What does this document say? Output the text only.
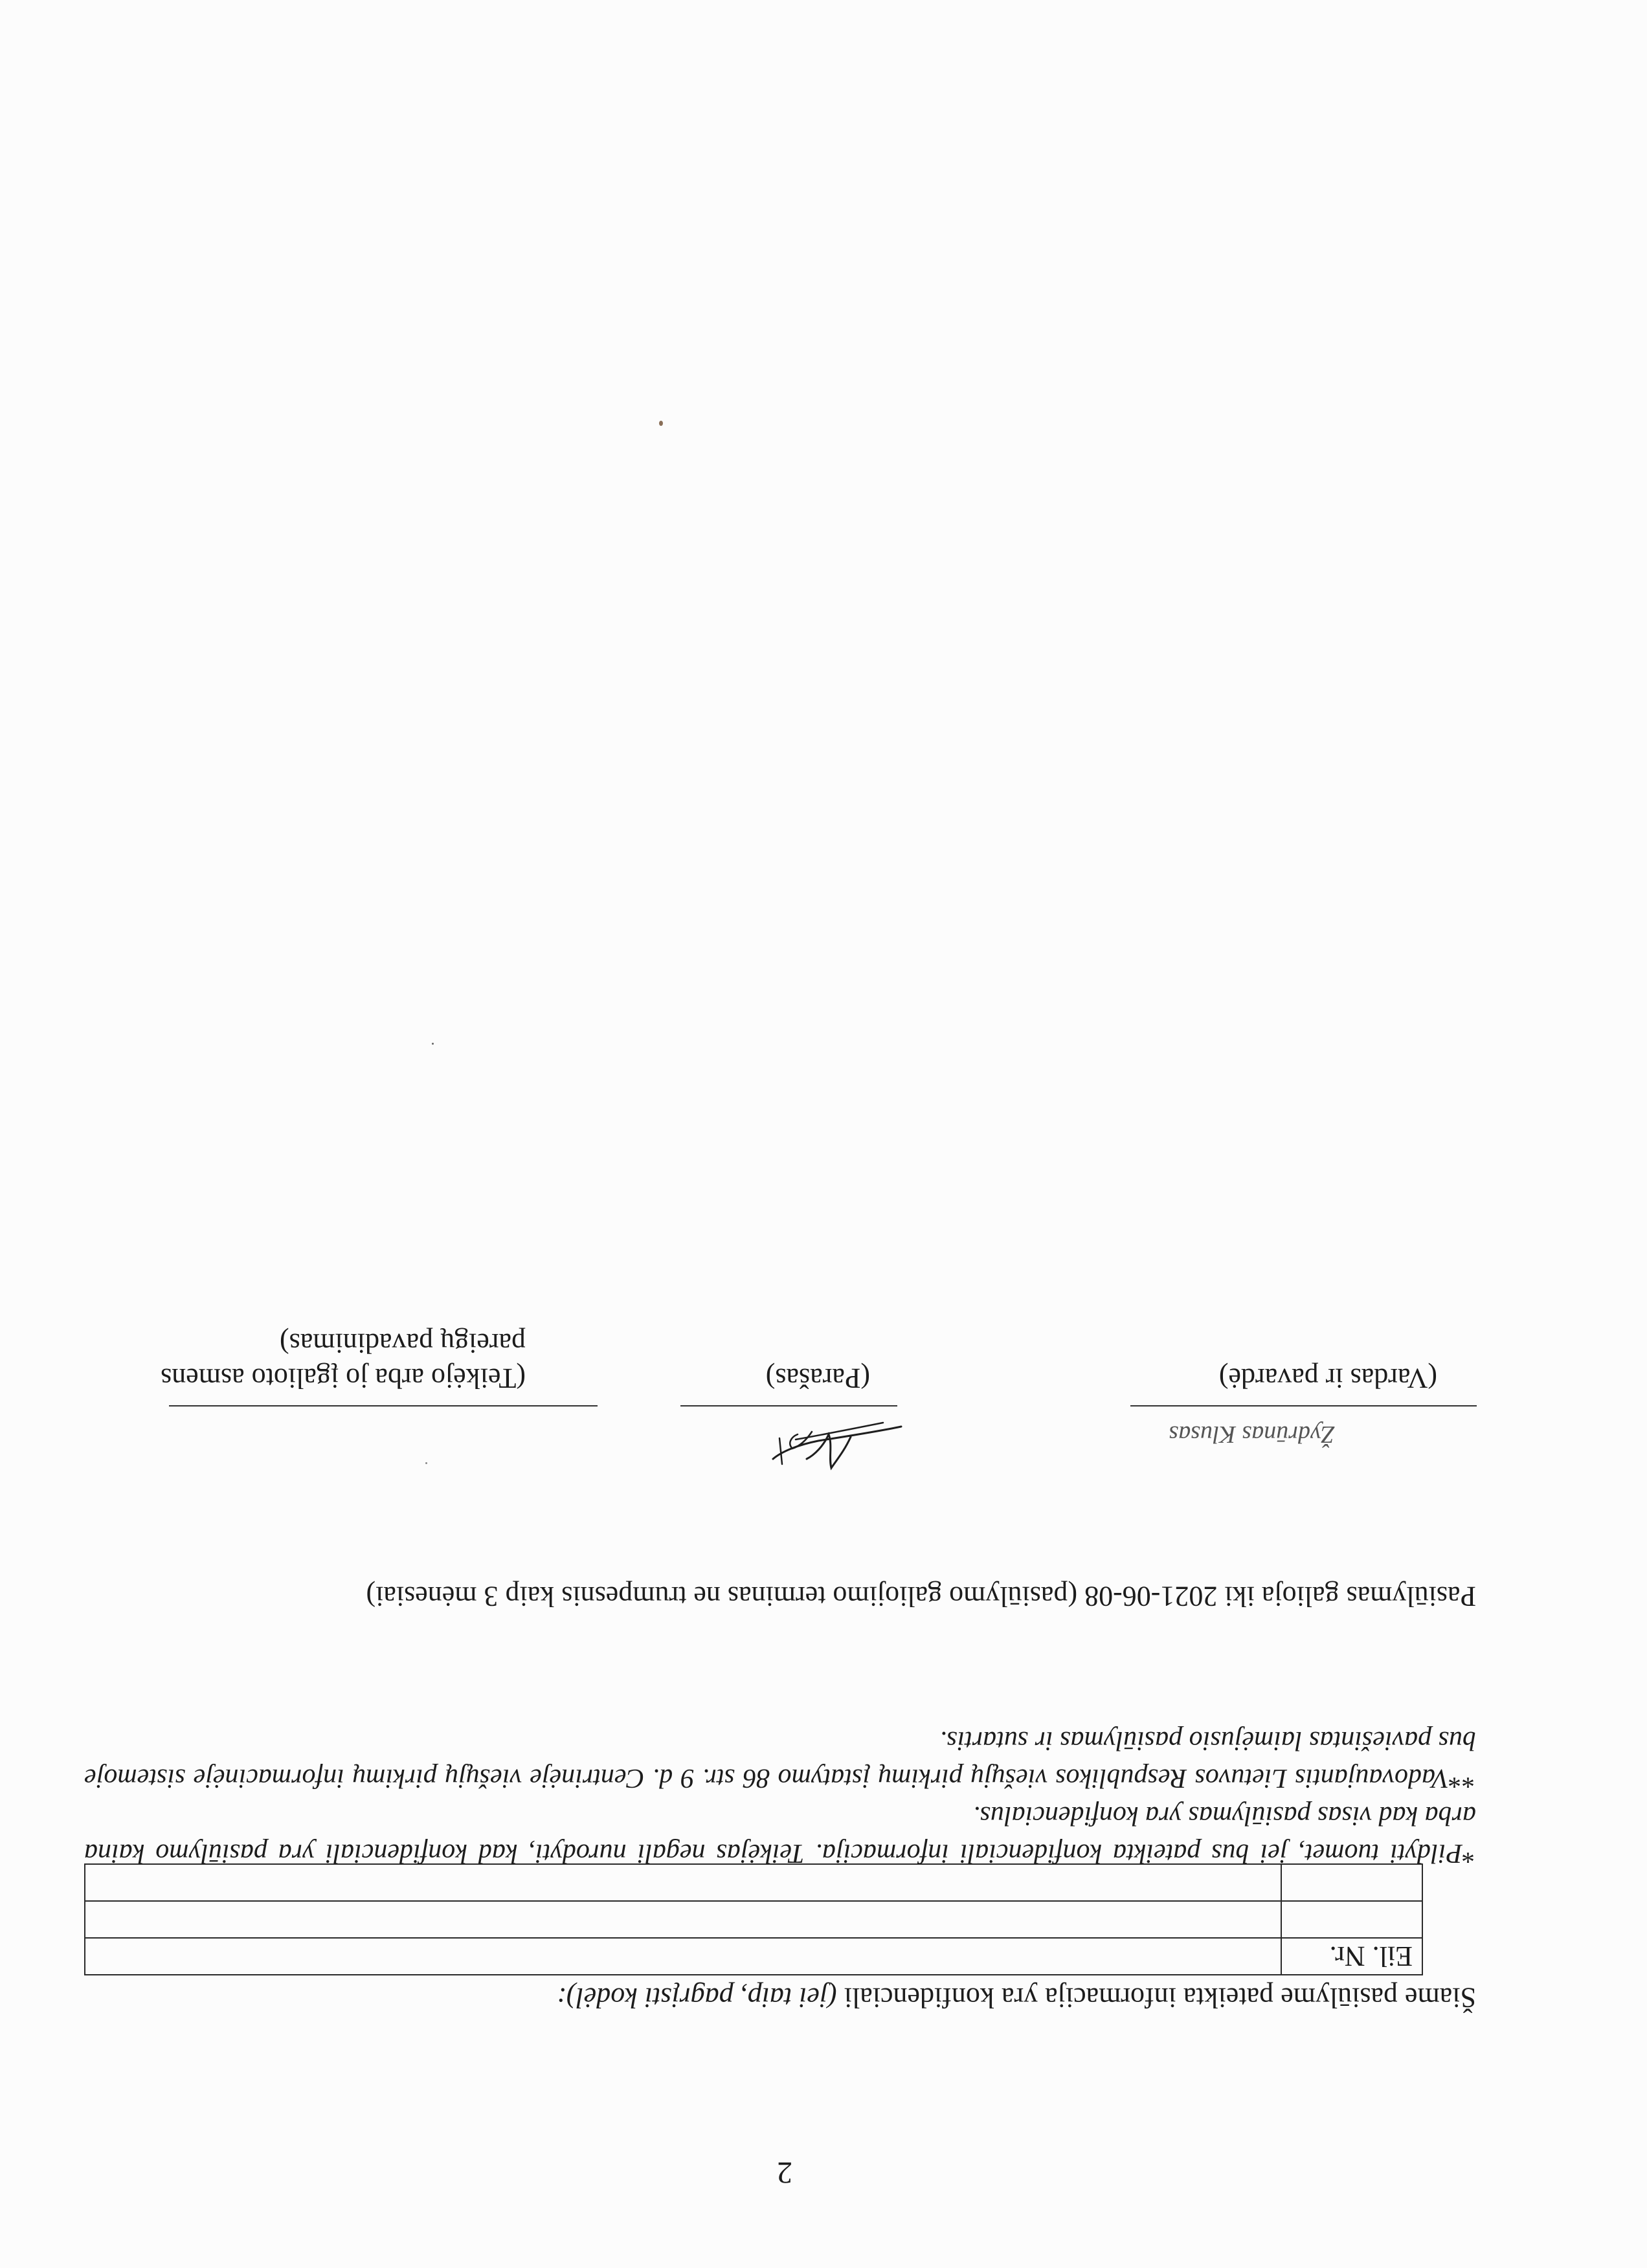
2
Šiame pasiūlyme pateikta informacija yra konfidenciali (jei taip, pagrįsti kodėl):
Eil. Nr.	

*Pildyti tuomet, jei bus pateikta konfidenciali informacija. Teikėjas negali nurodyti, kad konfidenciali yra pasiūlymo kaina arba kad visas pasiūlymas yra konfidencialus.
**Vadovaujantis Lietuvos Respublikos viešųjų pirkimų įstatymo 86 str. 9 d. Centrinėje viešųjų pirkimų informacinėje sistemoje bus paviešintas laimėjusio pasiūlymas ir sutartis.
Pasiūlymas galioja iki 2021-06-08 (pasiūlymo galiojimo terminas ne trumpesnis kaip 3 mėnesiai)
Žydrūnas Klusas
(Teikėjo arba jo įgalioto asmens pareigų pavadinimas)
(Parašas)	(Vardas ir pavardė)
